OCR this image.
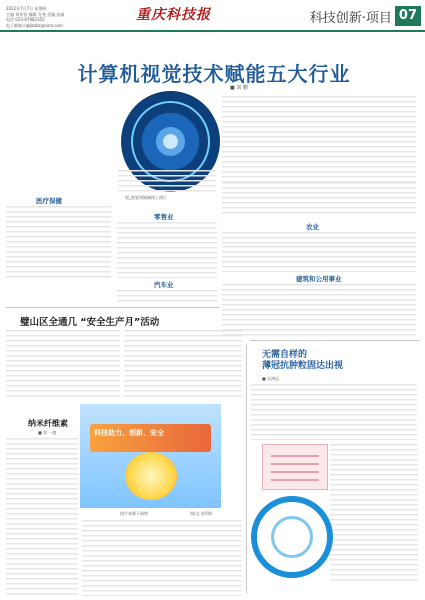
2022年7月7日 星期四
主编 刘作权 编辑 肖尧 美编 孙渝
电话 023-67983355
电子邮箱 cqkjbzbz@sina.com
重庆科技报	科技创新·项目 07
计算机视觉技术赋能五大行业
■ 刘 鹏
视_视觉领域制图 | 图片
医疗保健
零售业
汽车业
农业
建筑和公用事业
璧山区全通几 “安全生产月”活动
科技助力、创新、安全
图片来源于网络
纳米纤维素
■ 刘 一超
图/文 苏利忻
无需自样的
薄冠抗肿粒固达出视
■ 吴鸿远
